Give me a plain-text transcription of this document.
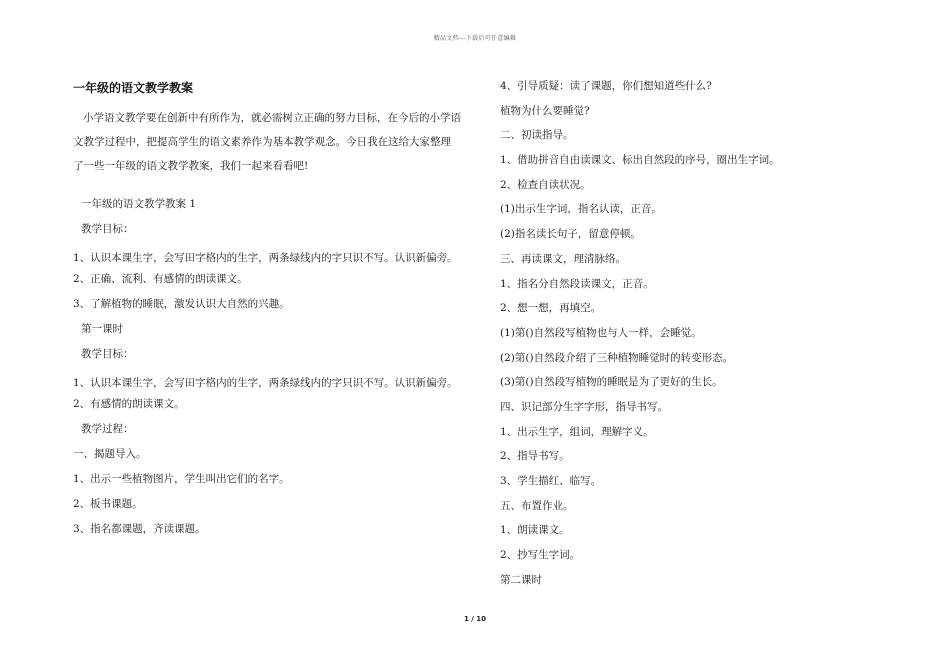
精品文档---下载后可任意编辑
一年级的语文教学教案

小学语文教学要在创新中有所作为，就必需树立正确的努力目标，在今后的小学语文教学过程中，把提高学生的语文素养作为基本教学观念。今日我在这给大家整理了一些一年级的语文教学教案，我们一起来看看吧!

一年级的语文教学教案 1
教学目标：
1、认识本课生字，会写田字格内的生字，两条绿线内的字只识不写。认识新偏旁。
2、正确、流利、有感情的朗读课文。
3、了解植物的睡眠，激发认识大自然的兴趣。
第一课时
教学目标：
1、认识本课生字，会写田字格内的生字，两条绿线内的字只识不写。认识新偏旁。
2、有感情的朗读课文。
教学过程：
一、揭题导入。
1、出示一些植物图片，学生叫出它们的名字。
2、板书课题。
3、指名都课题，齐读课题。
4、引导质疑：读了课题，你们想知道些什么?
植物为什么要睡觉?
二、初读指导。
1、借助拼音自由读课文、标出自然段的序号，圈出生字词。
2、检查自读状况。
(1)出示生字词，指名认读，正音。
(2)指名读长句子，留意停顿。
三、再读课文，理清脉络。
1、指名分自然段读课文，正音。
2、想一想，再填空。
(1)第()自然段写植物也与人一样，会睡觉。
(2)第()自然段介绍了三种植物睡觉时的转变形态。
(3)第()自然段写植物的睡眠是为了更好的生长。
四、识记部分生字字形，指导书写。
1、出示生字，组词，理解字义。
2、指导书写。
3、学生描红、临写。
五、布置作业。
1、朗读课文。
2、抄写生字词。
第二课时
1 / 10
